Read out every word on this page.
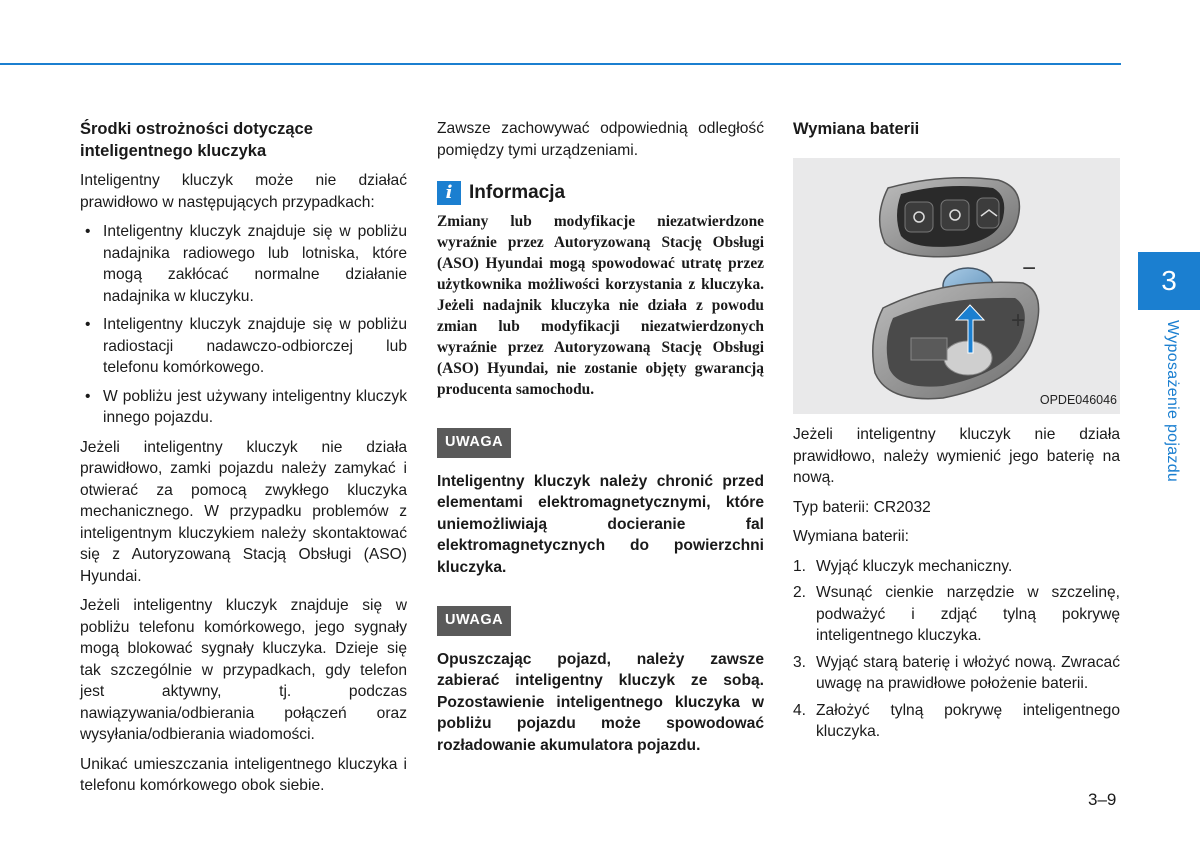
Środki ostrożności dotyczące inteligentnego kluczyka

Inteligentny kluczyk może nie działać prawidłowo w następujących przypadkach:

• Inteligentny kluczyk znajduje się w pobliżu nadajnika radiowego lub lotniska, które mogą zakłócać normalne działanie nadajnika w kluczyku.
• Inteligentny kluczyk znajduje się w pobliżu radiostacji nadawczo-odbiorczej lub telefonu komórkowego.
• W pobliżu jest używany inteligentny kluczyk innego pojazdu.

Jeżeli inteligentny kluczyk nie działa prawidłowo, zamki pojazdu należy zamykać i otwierać za pomocą zwykłego kluczyka mechanicznego. W przypadku problemów z inteligentnym kluczykiem należy skontaktować się z Autoryzowaną Stacją Obsługi (ASO) Hyundai.

Jeżeli inteligentny kluczyk znajduje się w pobliżu telefonu komórkowego, jego sygnały mogą blokować sygnały kluczyka. Dzieje się tak szczególnie w przypadkach, gdy telefon jest aktywny, tj. podczas nawiązywania/odbierania połączeń oraz wysyłania/odbierania wiadomości.

Unikać umieszczania inteligentnego kluczyka i telefonu komórkowego obok siebie.

Zawsze zachowywać odpowiednią odległość pomiędzy tymi urządzeniami.

i Informacja

Zmiany lub modyfikacje niezatwierdzone wyraźnie przez Autoryzowaną Stację Obsługi (ASO) Hyundai mogą spowodować utratę przez użytkownika możliwości korzystania z kluczyka. Jeżeli nadajnik kluczyka nie działa z powodu zmian lub modyfikacji niezatwierdzonych wyraźnie przez Autoryzowaną Stację Obsługi (ASO) Hyundai, nie zostanie objęty gwarancją producenta samochodu.

UWAGA

Inteligentny kluczyk należy chronić przed elementami elektromagnetycznymi, które uniemożliwiają docieranie fal elektromagnetycznych do powierzchni kluczyka.

UWAGA

Opuszczając pojazd, należy zawsze zabierać inteligentny kluczyk ze sobą. Pozostawienie inteligentnego kluczyka w pobliżu pojazdu może spowodować rozładowanie akumulatora pojazdu.

Wymiana baterii
−
+
OPDE046046

Jeżeli inteligentny kluczyk nie działa prawidłowo, należy wymienić jego baterię na nową.

Typ baterii: CR2032

Wymiana baterii:

1. Wyjąć kluczyk mechaniczny.
2. Wsunąć cienkie narzędzie w szczelinę, podważyć i zdjąć tylną pokrywę inteligentnego kluczyka.
3. Wyjąć starą baterię i włożyć nową. Zwracać uwagę na prawidłowe położenie baterii.
4. Założyć tylną pokrywę inteligentnego kluczyka.
3
Wyposażenie pojazdu
3–9
